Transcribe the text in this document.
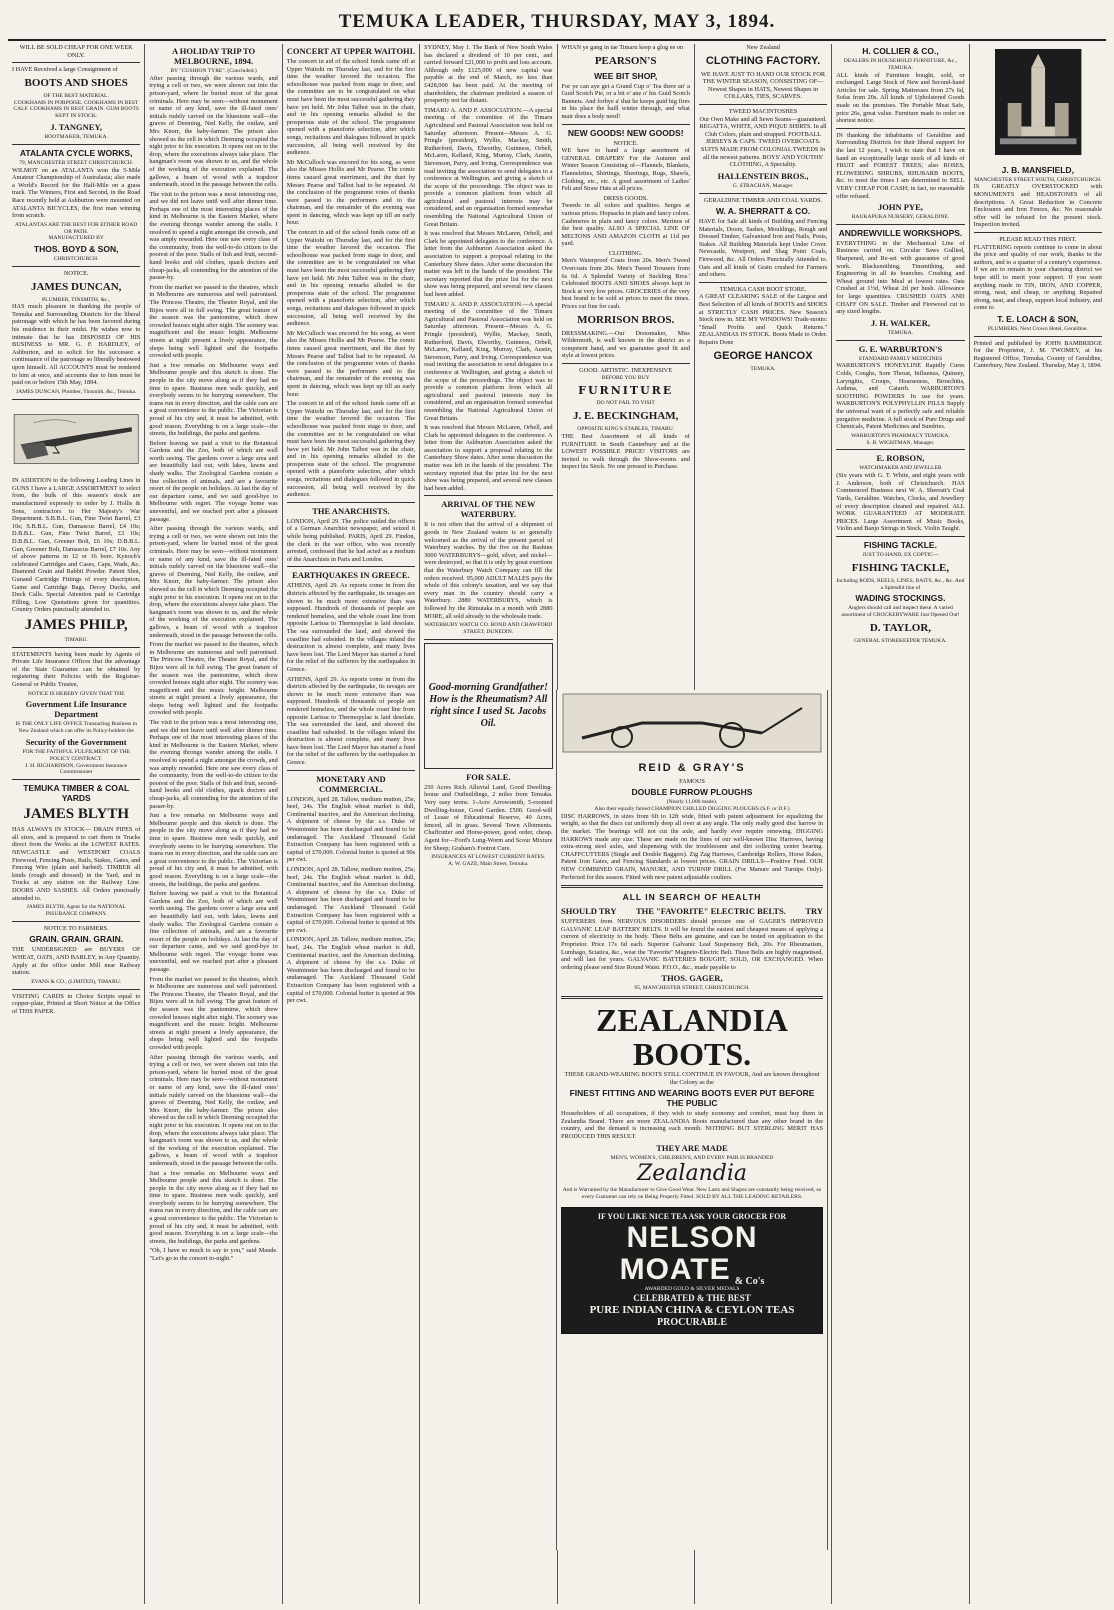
TEMUKA LEADER, THURSDAY, MAY 3, 1894.
WILL BE SOLD CHEAP FOR ONE WEEK ONLY.
I HAVE Received a large Consignment of
BOOTS AND SHOES
OF THE BEST MATERIAL.
COOKHAMS IN PORPOISE. COOKHAMS IN BEST CALF. COOKHAMS IN BEST GRAIN. GUM BOOTS KEPT IN STOCK.
J. TANGNEY,
BOOTMAKER, TEMUKA.
ATALANTA CYCLE WORKS,
79, MANCHESTER STREET CHRISTCHURCH.
WILMOT on an ATALANTA won the 5-Mile Amateur Championship of Australasia; also made a World's Record for the Half-Mile on a grass track. The Winners, First and Second, in the Road Race recently held at Ashburton were mounted on ATALANTA BICYCLES, the first man winning from scratch.
ATALANTAS ARE THE BEST FOR EITHER ROAD OR PATH.
MANUFACTURED BY
THOS. BOYD & SON,
CHRISTCHURCH.
NOTICE.
JAMES DUNCAN,
PLUMBER, TINSMITH, &c.,
HAS much pleasure in thanking the people of Temuka and Surrounding Districts for the liberal patronage with which he has been favored during his residence in their midst. He wishes now to intimate that he has DISPOSED OF HIS BUSINESS to MR. G. F. HARDLEY, of Ashburton, and to solicit for his successor a continuance of the patronage so liberally bestowed upon himself. All ACCOUNTS must be rendered to him at once, and accounts due to him must be paid on or before 15th May, 1894.
JAMES DUNCAN, Plumber, Tinsmith, &c., Temuka.
IN ADDITION to the following Leading Lines in GUNS I have a LARGE ASSORTMENT to select from, the bulk of this season's stock are manufactured expressly to order by J. Hollis & Sons, contractors to Her Majesty's War Department. S.B.B.L. Gun, Fine Twist Barrel, £3 10s; S.B.B.L. Gun, Damascus Barrel, £4 10s; D.B.B.L. Gun, Fine Twist Barrel, £3 10s; D.B.B.L. Gun, Greener Bolt, £6 10s; D.B.B.L. Gun, Greener Bolt, Damascus Barrel, £7 10s. Any of above patterns in 12 or 16 bore. Kynoch's celebrated Cartridges and Cases, Caps, Wads, &c. Diamond Grain and Rabbit Powder. Patent Shot, Gunand Cartridge Fittings of every description, Game and Cartridge Bags, Decoy Ducks, and Duck Calls. Special Attention paid to Cartridge Filling, Low Quotations given for quantities. Country Orders punctually attended to.
JAMES PHILP,
TIMARU.
STATEMENTS having been made by Agents of Private Life Insurance Offices that the advantage of the State Guarantee can be obtained by registering their Policies with the Registrar-General or Public Trustee,
NOTICE IS HEREBY GIVEN THAT THE
Government Life Insurance Department
IS THE ONLY LIFE OFFICE Transacting Business in New Zealand which can offer its Policy-holders the
Security of the Government
FOR THE FAITHFUL FULFILMENT OF THE POLICY CONTRACT.
J. H. RICHARDSON, Government Insurance Commissioner
TEMUKA TIMBER & COAL YARDS
JAMES BLYTH
HAS ALWAYS IN STOCK— DRAIN PIPES of all sizes, and is prepared to cart them in Trucks direct from the Works at the LOWEST RATES. NEWCASTLE and WESTPORT COALS Firewood, Fencing Posts, Rails, Stakes, Gates, and Fencing Wire (plain and barbed). TIMBER all kinds (rough and dressed) in the Yard, and in Trucks at any station on the Railway Line. DOORS AND SASHES. All Orders punctually attended to.
JAMES BLYTH, Agent for the NATIONAL INSURANCE COMPANY.
NOTICE TO FARMERS.
GRAIN. GRAIN. GRAIN.
THE UNDERSIGNED are BUYERS OF WHEAT, OATS, AND BARLEY, in Any Quantity. Apply at the office under Mill near Railway station.
EVANS & CO., (LIMITED), TIMARU.
VISITING CARDS in Choice Scripts equal to copper-plate, Printed at Short Notice at the Office of THIS PAPER.
A HOLIDAY TRIP TO MELBOURNE, 1894.
BY "CUSHION TYRE". (Concluded.)
After passing through the various wards, and trying a cell or two, we were shown out into the prison-yard, where lie buried most of the great criminals. Here may be seen—without monument or name of any kind, save the ill-fated ones' initials rudely carved on the bluestone wall—the graves of Deeming, Ned Kelly, the outlaw, and Mrs Knorr, the baby-farmer. The prison also showed us the cell in which Deeming occupied the night prior to his execution. It opens out on to the drop, where the executions always take place. The hangman's room was shown to us, and the whole of the working of the execution explained. The gallows, a beam of wood with a trapdoor underneath, stood in the passage between the cells.
The visit to the prison was a most interesting one, and we did not leave until well after dinner time. Perhaps one of the most interesting places of the kind in Melbourne is the Eastern Market, where the evening throngs wander among the stalls. I resolved to spend a night amongst the crowds, and was amply rewarded. Here one saw every class of the community, from the well-to-do citizen to the poorest of the poor. Stalls of fish and fruit, second-hand books and old clothes, quack doctors and cheap-jacks, all contending for the attention of the passer-by.
From the market we passed to the theatres, which in Melbourne are numerous and well patronised. The Princess Theatre, the Theatre Royal, and the Bijou were all in full swing. The great feature of the season was the pantomime, which drew crowded houses night after night. The scenery was magnificent and the music bright. Melbourne streets at night present a lively appearance, the shops being well lighted and the footpaths crowded with people.
Just a few remarks on Melbourne ways and Melbourne people and this sketch is done. The people in the city move along as if they had no time to spare. Business men walk quickly, and everybody seems to be hurrying somewhere. The trams run in every direction, and the cable cars are a great convenience to the public. The Victorian is proud of his city and, it must be admitted, with good reason. Everything is on a large scale—the streets, the buildings, the parks and gardens.
Before leaving we paid a visit to the Botanical Gardens and the Zoo, both of which are well worth seeing. The gardens cover a large area and are beautifully laid out, with lakes, lawns and shady walks. The Zoological Gardens contain a fine collection of animals, and are a favourite resort of the people on holidays. At last the day of our departure came, and we said good-bye to Melbourne with regret. The voyage home was uneventful, and we reached port after a pleasant passage.
After passing through the various wards, and trying a cell or two, we were shown out into the prison-yard, where lie buried most of the great criminals. Here may be seen—without monument or name of any kind, save the ill-fated ones' initials rudely carved on the bluestone wall—the graves of Deeming, Ned Kelly, the outlaw, and Mrs Knorr, the baby-farmer. The prison also showed us the cell in which Deeming occupied the night prior to his execution. It opens out on to the drop, where the executions always take place. The hangman's room was shown to us, and the whole of the working of the execution explained. The gallows, a beam of wood with a trapdoor underneath, stood in the passage between the cells.
From the market we passed to the theatres, which in Melbourne are numerous and well patronised. The Princess Theatre, the Theatre Royal, and the Bijou were all in full swing. The great feature of the season was the pantomime, which drew crowded houses night after night. The scenery was magnificent and the music bright. Melbourne streets at night present a lively appearance, the shops being well lighted and the footpaths crowded with people.
The visit to the prison was a most interesting one, and we did not leave until well after dinner time. Perhaps one of the most interesting places of the kind in Melbourne is the Eastern Market, where the evening throngs wander among the stalls. I resolved to spend a night amongst the crowds, and was amply rewarded. Here one saw every class of the community, from the well-to-do citizen to the poorest of the poor. Stalls of fish and fruit, second-hand books and old clothes, quack doctors and cheap-jacks, all contending for the attention of the passer-by.
Just a few remarks on Melbourne ways and Melbourne people and this sketch is done. The people in the city move along as if they had no time to spare. Business men walk quickly, and everybody seems to be hurrying somewhere. The trams run in every direction, and the cable cars are a great convenience to the public. The Victorian is proud of his city and, it must be admitted, with good reason. Everything is on a large scale—the streets, the buildings, the parks and gardens.
Before leaving we paid a visit to the Botanical Gardens and the Zoo, both of which are well worth seeing. The gardens cover a large area and are beautifully laid out, with lakes, lawns and shady walks. The Zoological Gardens contain a fine collection of animals, and are a favourite resort of the people on holidays. At last the day of our departure came, and we said good-bye to Melbourne with regret. The voyage home was uneventful, and we reached port after a pleasant passage.
From the market we passed to the theatres, which in Melbourne are numerous and well patronised. The Princess Theatre, the Theatre Royal, and the Bijou were all in full swing. The great feature of the season was the pantomime, which drew crowded houses night after night. The scenery was magnificent and the music bright. Melbourne streets at night present a lively appearance, the shops being well lighted and the footpaths crowded with people.
After passing through the various wards, and trying a cell or two, we were shown out into the prison-yard, where lie buried most of the great criminals. Here may be seen—without monument or name of any kind, save the ill-fated ones' initials rudely carved on the bluestone wall—the graves of Deeming, Ned Kelly, the outlaw, and Mrs Knorr, the baby-farmer. The prison also showed us the cell in which Deeming occupied the night prior to his execution. It opens out on to the drop, where the executions always take place. The hangman's room was shown to us, and the whole of the working of the execution explained. The gallows, a beam of wood with a trapdoor underneath, stood in the passage between the cells.
Just a few remarks on Melbourne ways and Melbourne people and this sketch is done. The people in the city move along as if they had no time to spare. Business men walk quickly, and everybody seems to be hurrying somewhere. The trams run in every direction, and the cable cars are a great convenience to the public. The Victorian is proud of his city and, it must be admitted, with good reason. Everything is on a large scale—the streets, the buildings, the parks and gardens.
"Oh, I have so much to say to you," said Maude. "Let's go to the concert to-night."
CONCERT AT UPPER WAITOHI.
The concert in aid of the school funds came off at Upper Waitohi on Thursday last, and for the first time the weather favored the occasion. The schoolhouse was packed from stage to door, and the committee are to be congratulated on what must have been the most successful gathering they have yet held. Mr John Talbot was in the chair, and in his opening remarks alluded to the prosperous state of the school. The programme opened with a pianoforte selection, after which songs, recitations and dialogues followed in quick succession, all being well received by the audience.
Mr McCulloch was encored for his song, as were also the Misses Hollis and Mr Pearse. The comic items caused great merriment, and the duet by Messrs Pearse and Talbot had to be repeated. At the conclusion of the programme votes of thanks were passed to the performers and to the chairman, and the remainder of the evening was spent in dancing, which was kept up till an early hour.
The concert in aid of the school funds came off at Upper Waitohi on Thursday last, and for the first time the weather favored the occasion. The schoolhouse was packed from stage to door, and the committee are to be congratulated on what must have been the most successful gathering they have yet held. Mr John Talbot was in the chair, and in his opening remarks alluded to the prosperous state of the school. The programme opened with a pianoforte selection, after which songs, recitations and dialogues followed in quick succession, all being well received by the audience.
Mr McCulloch was encored for his song, as were also the Misses Hollis and Mr Pearse. The comic items caused great merriment, and the duet by Messrs Pearse and Talbot had to be repeated. At the conclusion of the programme votes of thanks were passed to the performers and to the chairman, and the remainder of the evening was spent in dancing, which was kept up till an early hour.
The concert in aid of the school funds came off at Upper Waitohi on Thursday last, and for the first time the weather favored the occasion. The schoolhouse was packed from stage to door, and the committee are to be congratulated on what must have been the most successful gathering they have yet held. Mr John Talbot was in the chair, and in his opening remarks alluded to the prosperous state of the school. The programme opened with a pianoforte selection, after which songs, recitations and dialogues followed in quick succession, all being well received by the audience.
THE ANARCHISTS.
LONDON, April 29. The police raided the offices of a German Anarchist newspaper, and seized it while being published. PARIS, April 29. Findon, the clerk in the war office, who was recently arrested, confessed that he had acted as a medium of the Anarchists in Paris and London.
EARTHQUAKES IN GREECE.
ATHENS, April 29. As reports come in from the districts affected by the earthquake, its ravages are shown to be much more extensive than was supposed. Hundreds of thousands of people are rendered homeless, and the whole coast line from opposite Larissa to Thermopylae is laid desolate. The sea surrounded the land, and showed the coastline had subsided. In the villages inland the destruction is almost complete, and many lives have been lost. The Lord Mayor has started a fund for the relief of the sufferers by the earthquakes in Greece.
ATHENS, April 29. As reports come in from the districts affected by the earthquake, its ravages are shown to be much more extensive than was supposed. Hundreds of thousands of people are rendered homeless, and the whole coast line from opposite Larissa to Thermopylae is laid desolate. The sea surrounded the land, and showed the coastline had subsided. In the villages inland the destruction is almost complete, and many lives have been lost. The Lord Mayor has started a fund for the relief of the sufferers by the earthquakes in Greece.
MONETARY AND COMMERCIAL.
LONDON, April 28. Tallow, medium mutton, 25s; beef, 24s. The English wheat market is dull, Continental inactive, and the American declining. A shipment of cheese by the s.s. Duke of Westminster has been discharged and found to be undamaged. The Auckland Thousand Gold Extraction Company has been registered with a capital of £70,000. Colonial butter is quoted at 90s per cwt.
LONDON, April 28. Tallow, medium mutton, 25s; beef, 24s. The English wheat market is dull, Continental inactive, and the American declining. A shipment of cheese by the s.s. Duke of Westminster has been discharged and found to be undamaged. The Auckland Thousand Gold Extraction Company has been registered with a capital of £70,000. Colonial butter is quoted at 90s per cwt.
LONDON, April 28. Tallow, medium mutton, 25s; beef, 24s. The English wheat market is dull, Continental inactive, and the American declining. A shipment of cheese by the s.s. Duke of Westminster has been discharged and found to be undamaged. The Auckland Thousand Gold Extraction Company has been registered with a capital of £70,000. Colonial butter is quoted at 90s per cwt.
SYDNEY, May 1. The Bank of New South Wales has declared a dividend of 10 per cent., and carried forward £21,000 to profit and loss account. Although only £125,000 of new capital was payable at the end of March, no less than £428,000 has been paid. At the meeting of shareholders, the chairman predicted a season of prosperity not far distant.
TIMARU A. AND P. ASSOCIATION.—A special meeting of the committee of the Timaru Agricultural and Pastoral Association was held on Saturday afternoon. Present—Messrs A. G. Pringle (president), Wyllie, Mackay, Smith, Rutherford, Davis, Elworthy, Guinness, Orbell, McLaren, Kelland, King, Murray, Clark, Austin, Stevenson, Parry, and Irving. Correspondence was read inviting the association to send delegates to a conference at Wellington, and giving a sketch of the scope of the proceedings. The object was to provide a common platform from which all agricultural and pastoral interests may be considered, and an organisation formed somewhat resembling the National Agricultural Union of Great Britain.
It was resolved that Messrs McLaren, Orbell, and Clark be appointed delegates to the conference. A letter from the Ashburton Association asked the association to support a proposal relating to the Canterbury Show dates. After some discussion the matter was left in the hands of the president. The secretary reported that the prize list for the next show was being prepared, and several new classes had been added.
TIMARU A. AND P. ASSOCIATION.—A special meeting of the committee of the Timaru Agricultural and Pastoral Association was held on Saturday afternoon. Present—Messrs A. G. Pringle (president), Wyllie, Mackay, Smith, Rutherford, Davis, Elworthy, Guinness, Orbell, McLaren, Kelland, King, Murray, Clark, Austin, Stevenson, Parry, and Irving. Correspondence was read inviting the association to send delegates to a conference at Wellington, and giving a sketch of the scope of the proceedings. The object was to provide a common platform from which all agricultural and pastoral interests may be considered, and an organisation formed somewhat resembling the National Agricultural Union of Great Britain.
It was resolved that Messrs McLaren, Orbell, and Clark be appointed delegates to the conference. A letter from the Ashburton Association asked the association to support a proposal relating to the Canterbury Show dates. After some discussion the matter was left in the hands of the president. The secretary reported that the prize list for the next show was being prepared, and several new classes had been added.
ARRIVAL OF THE NEW WATERBURY.
It is not often that the arrival of a shipment of goods in New Zealand waters is so generally welcomed as the arrival of the present parcel of Waterbury watches. By the five on the Rashine 3000 WATERBURYS—gold, silver, and nickel—were destroyed, so that it is only by great exertions that the Waterbury Watch Company can fill the orders received. 95,000 ADULT MALES pays the whole of this colony's taxation, and we say that every man in the country should carry a Waterbury. 2880 WATERBURYS, which is followed by the Rimutaka in a month with 2880 MORE, all sold already to the wholesale trade.
WATERBURY WATCH CO. BOND AND CRAWFORD STREET, DUNEDIN.
Good-morning Grandfather! How is the Rheumatism? All right since I used St. Jacobs Oil.
FOR SALE.
250 Acres Rich Alluvial Land, Good Dwelling-house and Outbuildings, 2 miles from Temuka. Very easy terms. 1-Acre Arrowsmith, 5-roomed Dwelling-house, Good Garden. £500. Good-will of Lease of Educational Reserve, 40 Acres, fenced, all in grass. Several Town Allotments. Chaffcutter and Horse-power, good order, cheap. Agent for—Ford's Lung-Worm and Scour Mixture for Sheep; Graham's Footrot Cure.
INSURANCES AT LOWEST CURRENT RATES.
A. W. GAZE, Main Street, Temuka.
WHAN ye gang in tae Timaru keep a glog ee on
PEARSON'S
WEE BIT SHOP,
For ye can aye get a Grand Cup o' Tea there an' a Guid Scotch Pie, or a bit o' ane o' his Guid Scotch Bannets. And forbye a' that he keeps guid big fires in his place the haill winter through, and what mair does a body need!
NEW GOODS! NEW GOODS!
NOTICE.
WE have to hand a large assortment of GENERAL DRAPERY For the Autumn and Winter Season Consisting of—Flannels, Blankets, Flannelettes, Shirtings, Sheetings, Rugs, Shawls, Clothing, etc., etc. A good assortment of Ladies' Felt and Straw Hats at all prices.
DRESS GOODS.
Tweeds in all colors and qualities. Serges at various prices. Hopsacks in plain and fancy colors. Cashmeres in plain and fancy colors. Merinos of the best quality. ALSO A SPECIAL LINE OF MELTONS AND AMAZON CLOTH at 11d per yard.
CLOTHING.
Men's Waterproof Coats from 20s. Men's Tweed Overcoats from 20s. Men's Tweed Trousers from 6s 6d. A Splendid Variety of Suckling Bros.' Celebrated BOOTS AND SHOES always kept in Stock at very low prices. GROCERIES of the very best brand to be sold at prices to meet the times. Prices cut fine for cash.
MORRISON BROS.
DRESSMAKING.—Our Dressmaker, Miss Wildermoth, is well known in the district as a competent hand, and we guarantee good fit and style at lowest prices.
GOOD. ARTISTIC. INEXPENSIVE
BEFORE YOU BUY
FURNITURE
DO NOT FAIL TO VISIT
J. E. BECKINGHAM,
OPPOSITE KING'S STABLES, TIMARU.
THE Best Assortment of all kinds of FURNITURE in South Canterbury and at the LOWEST POSSIBLE PRICE! VISITORS are invited to walk through the Show-rooms and inspect his Stock. No one pressed to Purchase.
New Zealand
CLOTHING FACTORY.
WE HAVE JUST TO HAND OUR STOCK FOR THE WINTER SEASON, CONSISTING OF— Newest Shapes in HATS, Newest Shapes in COLLARS, TIES, SCARVES.
TWEED MACINTOSHES
Our Own Make and all Sewn Seams—guaranteed. REGATTA, WHITE, AND PIQUE SHIRTS. In all Club Colors, plain and strapped. FOOTBALL JERSEYS & CAPS. TWEED OVERCOATS. SUITS MADE FROM COLONIAL TWEEDS In all the newest patterns. BOYS' AND YOUTHS' CLOTHING, A Speciality.
HALLENSTEIN BROS.,
G. STRACHAN, Manager.
GERALDINE TIMBER AND COAL YARDS.
W. A. SHERRATT & CO.
HAVE for Sale all kinds of Building and Fencing Materials, Doors, Sashes, Mouldings, Rough and Dressed Timber, Galvanised Iron and Nails, Posts, Stakes. All Building Materials kept Under Cover. Newcastle, Westport, and Shag Point Coals, Firewood, &c. All Orders Punctually Attended to. Oats and all kinds of Grain crushed for Farmers and others.
TEMUKA CASH BOOT STORE.
A GREAT CLEARING SALE of the Largest and Best Selection of all kinds of BOOTS and SHOES at STRICTLY CASH PRICES. New Season's Stock now in. SEE MY WINDOWS! Trade-motto: "Small Profits and Quick Returns." ZEALANDIAS IN STOCK. Boots Made to Order. Repairs Done
GEORGE HANCOX
TEMUKA.
H. COLLIER & CO.,
DEALERS IN HOUSEHOLD FURNITURE, &c., TEMUKA.
ALL kinds of Furniture bought, sold, or exchanged. Large Stock of New and Second-hand Articles for sale. Spring Mattresses from 27s 6d, Sofas from 20s. All kinds of Upholstered Goods made on the premises. The Portable Meat Safe, price 26s, great value. Furniture made to order on shortest notice.
IN thanking the inhabitants of Geraldine and Surrounding Districts for their liberal support for the last 12 years, I wish to state that I have on hand an exceptionally large stock of all kinds of FRUIT and FOREST TREES; also ROSES, FLOWERING SHRUBS, RHUBARB ROOTS, &c. to meet the times I am determined to SELL VERY CHEAP FOR CASH; in fact, no reasonable offer refused.
JOHN PYE,
RAUKAPUKA NURSERY, GERALDINE.
ANDREWVILLE WORKSHOPS.
EVERYTHING in the Mechanical Line of Business carried on. Circular Saws Gullied, Sharpened, and Re-set with guarantee of good work. Blacksmithing, Tinsmithing, and Engineering in all its branches. Crushing and Wheat ground into Meal at lowest rates. Oats Crushed at 1½d, Wheat 2d per bush. Allowance for large quantities. CRUSHED OATS AND CHAFF ON SALE. Timber and Firewood cut to any sized lengths.
J. H. WALKER,
TEMUKA.
G. E. WARBURTON'S
STANDARD FAMILY MEDICINES
WARBURTON'S HONEYLINE Rapidly Cures Colds, Coughs, Sore Throat, Influenza, Quinsey, Laryngitis, Croups, Hoarseness, Bronchitis, Asthma, and Catarrh. WARBURTON'S SOOTHING POWDERS In use for years. WARBURTON'S POLYPHYLLIN PILLS Supply the universal want of a perfectly safe and reliable purgative medicine. A full stock of Pure Drugs and Chemicals, Patent Medicines and Sundries.
WARBURTON'S PHARMACY TEMUKA.
S. B. WIGHTMAN, Manager.
E. ROBSON,
WATCHMAKER AND JEWELLER
(Six years with G. T. White, and eight years with J. Anderson, both of Christchurch. HAS Commenced Business next W. A. Sherratt's Coal Yards, Geraldine. Watches, Clocks, and Jewellery of every description cleaned and repaired. ALL WORK GUARANTEED AT MODERATE PRICES. Large Assortment of Music Books, Violin and Banjo Strings in Stock. Violin Taught.
FISHING TACKLE.
JUST TO HAND, EX COPTIC—
FISHING TACKLE,
Including RODS, REELS, LINES, BAITS, &c., &c. And a Splendid line of
WADING STOCKINGS.
Anglers should call and inspect these. A varied assortment of CROCKERYWARE Just Opened Out!
D. TAYLOR,
GENERAL STOREKEEPER TEMUKA.
J. B. MANSFIELD,
MANCHESTER STREET SOUTH, CHRISTCHURCH.
IS GREATLY OVERSTOCKED with MONUMENTS and HEADSTONES of all descriptions. A Great Reduction in Concrete Enclosures and Iron Fences, &c. No reasonable offer will be refused for the present stock. Inspection invited.
PLEASE READ THIS FIRST.
FLATTERING reports continue to come in about the price and quality of our work, thanks to the authors, and to a quarter of a century's experience. If we are to remain in your charming district we hope still to merit your support. If you want anything made in TIN, IRON, AND COPPER, strong, neat, and cheap, or anything Repaired strong, neat, and cheap, support local industry, and come to
T. E. LOACH & SON,
PLUMBERS, Next Crown Hotel, Geraldine.
Printed and published by JOHN BAMBRIDGE for the Proprietor, J. M. TWOMEY, at his Registered Office, Temuka, County of Geraldine, Canterbury, New Zealand. Thursday, May 3, 1894.
REID & GRAY'S
FAMOUS
DOUBLE FURROW PLOUGHS
(Nearly 11,000 made).
Also their equally famed CHAMPION CHILLED DIGGING PLOUGHS (S.F. or D.F.)
DISC HARROWS, in sizes from 6ft to 12ft wide, fitted with patent adjustment for equalizing the weight, so that the discs cut uniformly deep all over at any angle. The only really good disc harrow in the market. The bearings will not cut the axle, and hardly ever require renewing. DIGGING HARROWS made any size. These are made on the lines of our well-known Disc Harrows, having extra-strong steel axles, and dispensing with the troublesome and dirt collecting centre bearing. CHAFFCUTTERS (Single and Double Baggers). Zig Zag Harrows, Cambridge Rollers, Horse Rakes, Patent Iron Gates, and Fencing Standards at lowest prices. GRAIN DRILLS—Positive Feed. OUR NEW COMBINED GRAIN, MANURE, AND TURNIP DRILL (For Manure and Turnips Only). Perfected for this season. Fitted with new patent adjustable coulters.
ALL IN SEARCH OF HEALTH
SHOULD TRY THE "FAVORITE" ELECTRIC BELTS. TRY
SUFFERERS from NERVOUS DISORDERS should procure one of GAGER'S IMPROVED GALVANIC LEAF BATTERY BELTS. It will be found the easiest and cheapest means of applying a current of electricity to the body. These Belts are genuine, and can be tested on application to the Proprietor. Price 17s 6d each. Superior Galvanic Leaf Suspensory Belt, 20s. For Rheumatism, Lumbago, Sciatica, &c., wear the "Favorite" Magneto-Electric Belt. These Belts are highly magnetised, and will last for years. GALVANIC BATTERIES BOUGHT, SOLD, OR EXCHANGED. When ordering please send Size Round Waist. P.O.O., &c., made payable to
THOS. GAGER,
95, MANCHESTER STREET, CHRISTCHURCH.
ZEALANDIA BOOTS.
THESE GRAND-WEARING BOOTS STILL CONTINUE IN FAVOUR, And are known throughout the Colony as the
FINEST FITTING AND WEARING BOOTS EVER PUT BEFORE THE PUBLIC
Householders of all occupations, if they wish to study economy and comfort, must buy them in Zealandia Brand. There are more ZEALANDIA Boots manufactured than any other brand in the country, and the demand is increasing each month. NOTHING BUT STERLING MERIT HAS PRODUCED THIS RESULT.
THEY ARE MADE
MEN'S, WOMEN'S, CHILDREN'S, AND EVERY PAIR IS BRANDED
Zealandia
And is Warranted by the Manufacturer to Give Good Wear. New Lasts and Shapes are constantly being received, so every Customer can rely on Being Properly Fitted. SOLD BY ALL THE LEADING RETAILERS.
IF YOU LIKE NICE TEA ASK YOUR GROCER FOR
NELSON
MOATE & Co's
AWARDED GOLD & SILVER MEDALS
CELEBRATED & THE BEST
PURE INDIAN CHINA & CEYLON TEAS
PROCURABLE
